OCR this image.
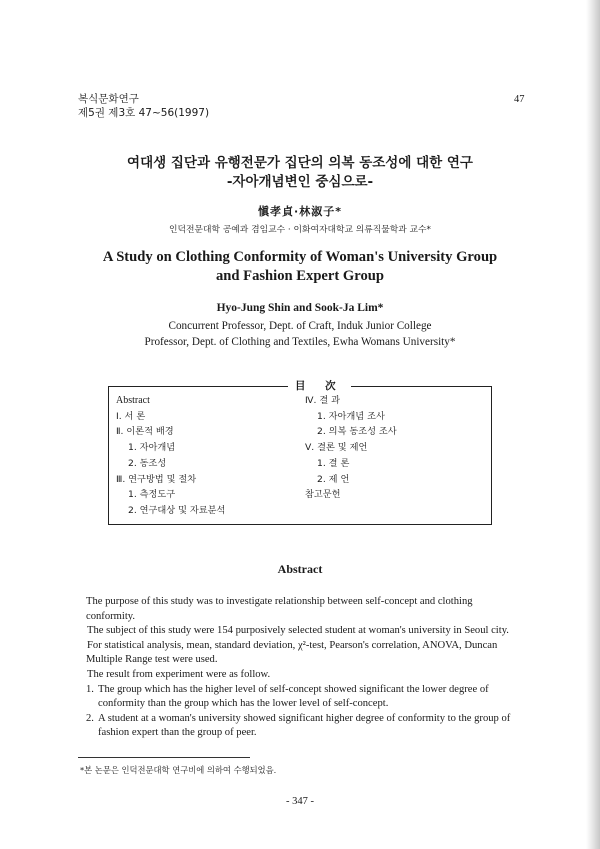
복식문화연구
제5권 제3호 47~56(1997)
47
여대생 집단과 유행전문가 집단의 의복 동조성에 대한 연구
-자아개념변인 중심으로-
愼孝貞·林淑子*
인덕전문대학 공예과 겸임교수 · 이화여자대학교 의류직물학과 교수*
A Study on Clothing Conformity of Woman's University Group
and Fashion Expert Group
Hyo-Jung Shin and Sook-Ja Lim*
Concurrent Professor, Dept. of Craft, Induk Junior College
Professor, Dept. of Clothing and Textiles, Ewha Womans University*
目 次
Abstract
Ⅰ. 서 론
Ⅱ. 이론적 배경
1. 자아개념
2. 동조성
Ⅲ. 연구방법 및 절차
1. 측정도구
2. 연구대상 및 자료분석
Ⅳ. 결 과
1. 자아개념 조사
2. 의복 동조성 조사
Ⅴ. 결론 및 제언
1. 결 론
2. 제 언
참고문헌
Abstract

The purpose of this study was to investigate relationship between self-concept and clothing conformity.

The subject of this study were 154 purposively selected student at woman's university in Seoul city.

For statistical analysis, mean, standard deviation, χ²-test, Pearson's correlation, ANOVA, Duncan Multiple Range test were used.

The result from experiment were as follow.

1. The group which has the higher level of self-concept showed significant the lower degree of conformity than the group which has the lower level of self-concept.
2. A student at a woman's university showed significant higher degree of conformity to the group of fashion expert than the group of peer.
*본 논문은 인덕전문대학 연구비에 의하여 수행되었음.
- 347 -
